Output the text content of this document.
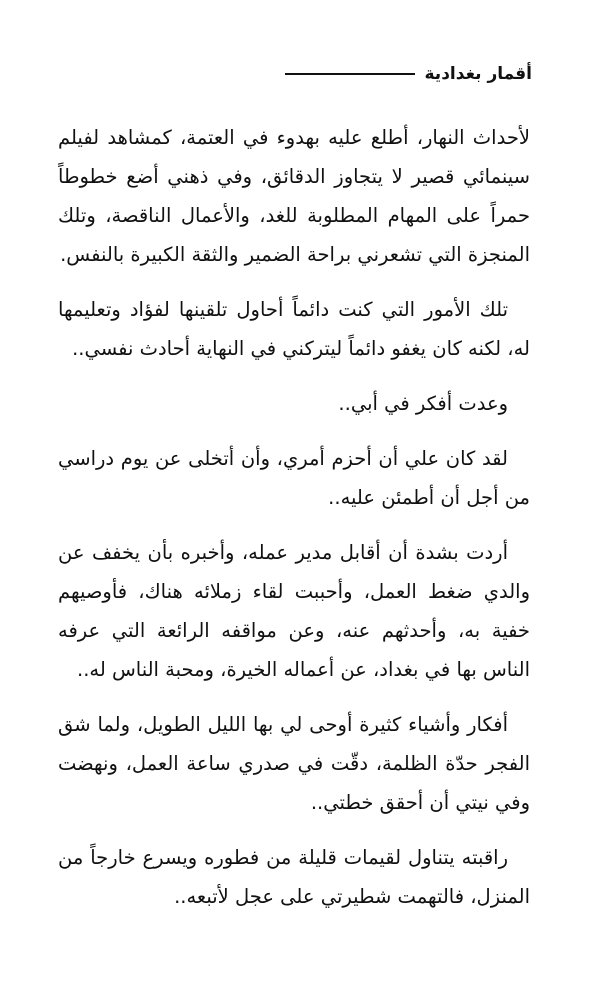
أقمار بغدادية

لأحداث النهار، أطلع عليه بهدوء في العتمة، كمشاهد لفيلم سينمائي قصير لا يتجاوز الدقائق، وفي ذهني أضع خطوطاً حمراً على المهام المطلوبة للغد، والأعمال الناقصة، وتلك المنجزة التي تشعرني براحة الضمير والثقة الكبيرة بالنفس.

تلك الأمور التي كنت دائماً أحاول تلقينها لفؤاد وتعليمها له، لكنه كان يغفو دائماً ليتركني في النهاية أحادث نفسي..

وعدت أفكر في أبي..

لقد كان علي أن أحزم أمري، وأن أتخلى عن يوم دراسي من أجل أن أطمئن عليه..

أردت بشدة أن أقابل مدير عمله، وأخبره بأن يخفف عن والدي ضغط العمل، وأحببت لقاء زملائه هناك، فأوصيهم خفية به، وأحدثهم عنه، وعن مواقفه الرائعة التي عرفه الناس بها في بغداد، عن أعماله الخيرة، ومحبة الناس له..

أفكار وأشياء كثيرة أوحى لي بها الليل الطويل، ولما شق الفجر حدّة الظلمة، دقّت في صدري ساعة العمل، ونهضت وفي نيتي أن أحقق خطتي..

راقبته يتناول لقيمات قليلة من فطوره ويسرع خارجاً من المنزل، فالتهمت شطيرتي على عجل لأتبعه..
